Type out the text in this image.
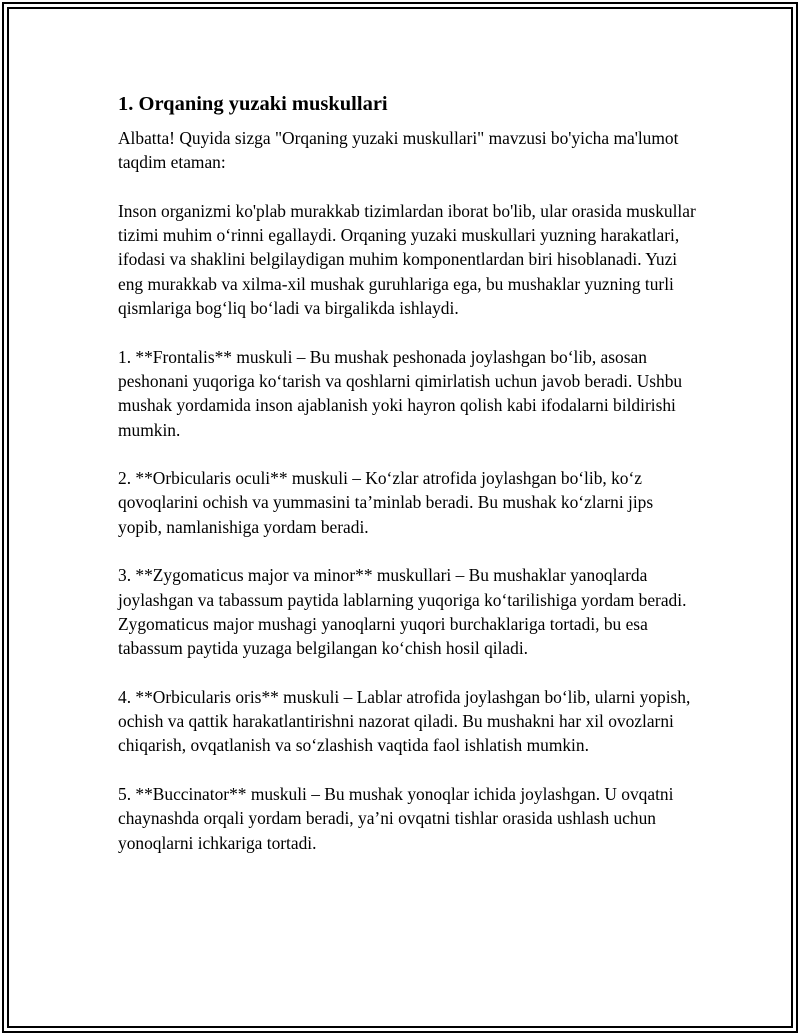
1. Orqaning yuzaki muskullari

Albatta! Quyida sizga "Orqaning yuzaki muskullari" mavzusi bo'yicha ma'lumot taqdim etaman:

Inson organizmi ko'plab murakkab tizimlardan iborat bo'lib, ular orasida muskullar tizimi muhim o‘rinni egallaydi. Orqaning yuzaki muskullari yuzning harakatlari, ifodasi va shaklini belgilaydigan muhim komponentlardan biri hisoblanadi. Yuzi eng murakkab va xilma-xil mushak guruhlariga ega, bu mushaklar yuzning turli qismlariga bog‘liq bo‘ladi va birgalikda ishlaydi.

1. **Frontalis** muskuli – Bu mushak peshonada joylashgan bo‘lib, asosan peshonani yuqoriga ko‘tarish va qoshlarni qimirlatish uchun javob beradi. Ushbu mushak yordamida inson ajablanish yoki hayron qolish kabi ifodalarni bildirishi mumkin.

2. **Orbicularis oculi** muskuli – Ko‘zlar atrofida joylashgan bo‘lib, ko‘z qovoqlarini ochish va yummasini ta’minlab beradi. Bu mushak ko‘zlarni jips yopib, namlanishiga yordam beradi.

3. **Zygomaticus major va minor** muskullari – Bu mushaklar yanoqlarda joylashgan va tabassum paytida lablarning yuqoriga ko‘tarilishiga yordam beradi. Zygomaticus major mushagi yanoqlarni yuqori burchaklariga tortadi, bu esa tabassum paytida yuzaga belgilangan ko‘chish hosil qiladi.

4. **Orbicularis oris** muskuli – Lablar atrofida joylashgan bo‘lib, ularni yopish, ochish va qattik harakatlantirishni nazorat qiladi. Bu mushakni har xil ovozlarni chiqarish, ovqatlanish va so‘zlashish vaqtida faol ishlatish mumkin.

5. **Buccinator** muskuli – Bu mushak yonoqlar ichida joylashgan. U ovqatni chaynashda orqali yordam beradi, ya’ni ovqatni tishlar orasida ushlash uchun yonoqlarni ichkariga tortadi.
